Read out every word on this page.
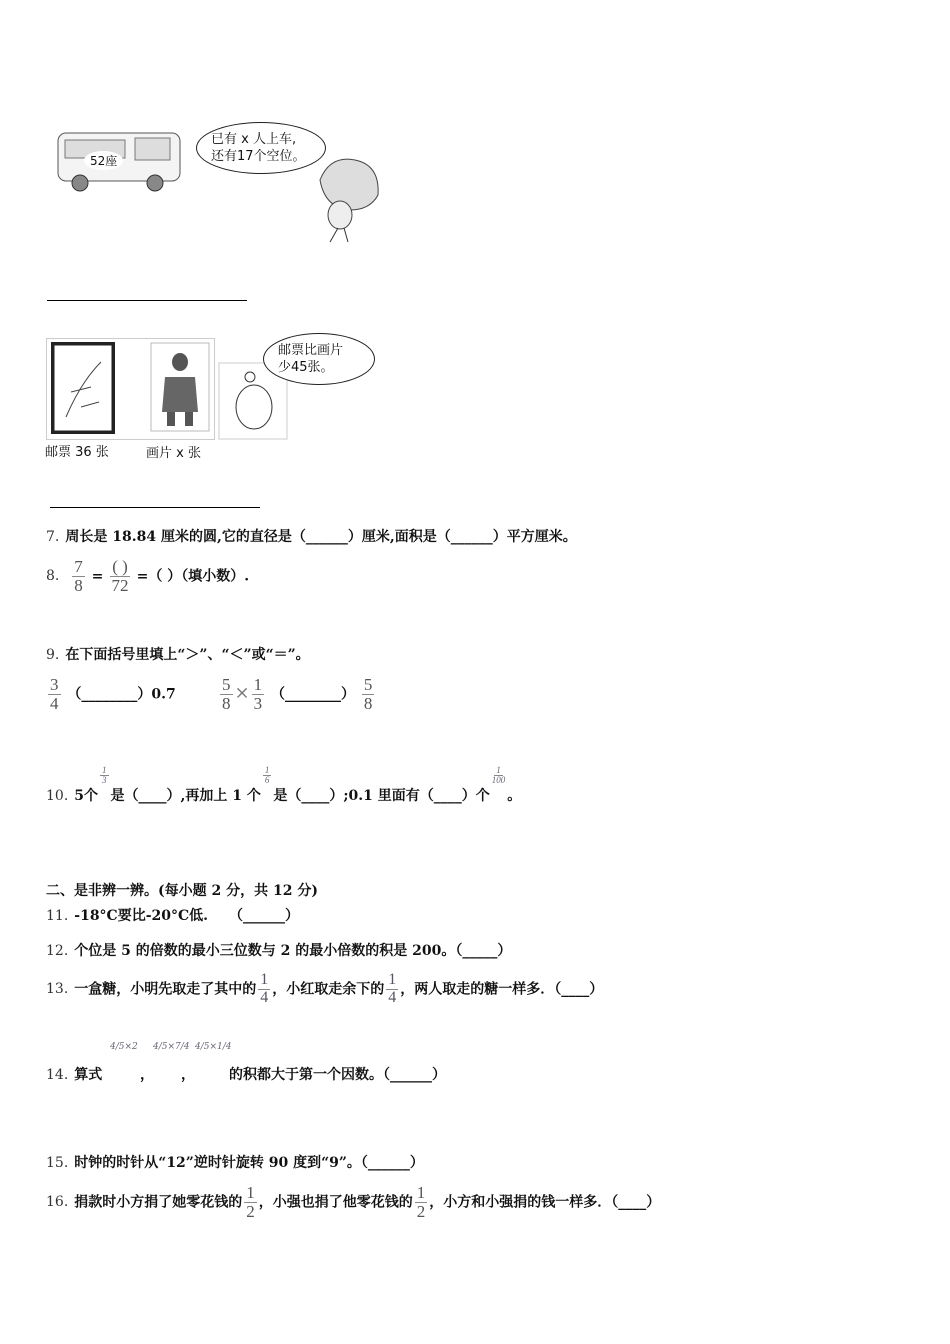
52座
已有 x 人上车,
还有17个空位。
邮票比画片
少45张。
邮票 36 张	画片 x 张
7. 周长是 18.84 厘米的圆,它的直径是（______）厘米,面积是（______）平方厘米。
8. $\frac{7}{8} = \frac{( )}{72}$ =（ ）（填小数）.
9. 在下面括号里填上“＞”、“＜”或“＝”。
$\frac{3}{4}$ （________）0.7	$\frac{5}{8} \times \frac{1}{3}$ （________） $\frac{5}{8}$
10. 5个
$\frac{1}{3}$
是（____）,再加上 1 个
$\frac{1}{6}$
是（____）;0.1 里面有（____）个
$\frac{1}{100}$
。
二、是非辨一辨。(每小题 2 分，共 12 分)
11. -18°C要比-20°C低.　　（______）
12. 个位是 5 的倍数的最小三位数与 2 的最小倍数的积是 200。（_____）
13. 一盒糖，小明先取走了其中的 $\frac{1}{4}$ ，小红取走余下的 $\frac{1}{4}$ ，两人取走的糖一样多．（____）
14. 算式
4/5×2
，
4/5×7/4
，
4/5×1/4
的积都大于第一个因数。（______）
15. 时钟的时针从“12”逆时针旋转 90 度到“9”。（______）
16. 捐款时小方捐了她零花钱的 $\frac{1}{2}$ ，小强也捐了他零花钱的 $\frac{1}{2}$ ，小方和小强捐的钱一样多．（____）
